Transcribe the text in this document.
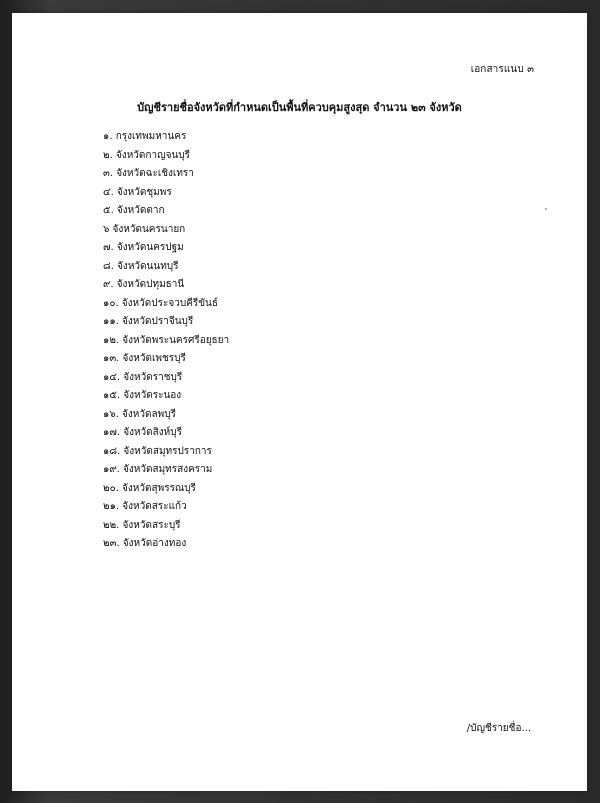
เอกสารแนบ ๓
บัญชีรายชื่อจังหวัดที่กำหนดเป็นพื้นที่ควบคุมสูงสุด จำนวน ๒๓ จังหวัด
๑. กรุงเทพมหานคร
๒. จังหวัดกาญจนบุรี
๓. จังหวัดฉะเชิงเทรา
๔. จังหวัดชุมพร
๕. จังหวัดตาก
๖ จังหวัดนครนายก
๗. จังหวัดนครปฐม
๘. จังหวัดนนทบุรี
๙. จังหวัดปทุมธานี
๑๐. จังหวัดประจวบคีรีขันธ์
๑๑. จังหวัดปราจีนบุรี
๑๒. จังหวัดพระนครศรีอยุธยา
๑๓. จังหวัดเพชรบุรี
๑๔. จังหวัดราชบุรี
๑๕. จังหวัดระนอง
๑๖. จังหวัดลพบุรี
๑๗. จังหวัดสิงห์บุรี
๑๘. จังหวัดสมุทรปราการ
๑๙. จังหวัดสมุทรสงคราม
๒๐. จังหวัดสุพรรณบุรี
๒๑. จังหวัดสระแก้ว
๒๒. จังหวัดสระบุรี
๒๓. จังหวัดอ่างทอง
/บัญชีรายชื่อ...
